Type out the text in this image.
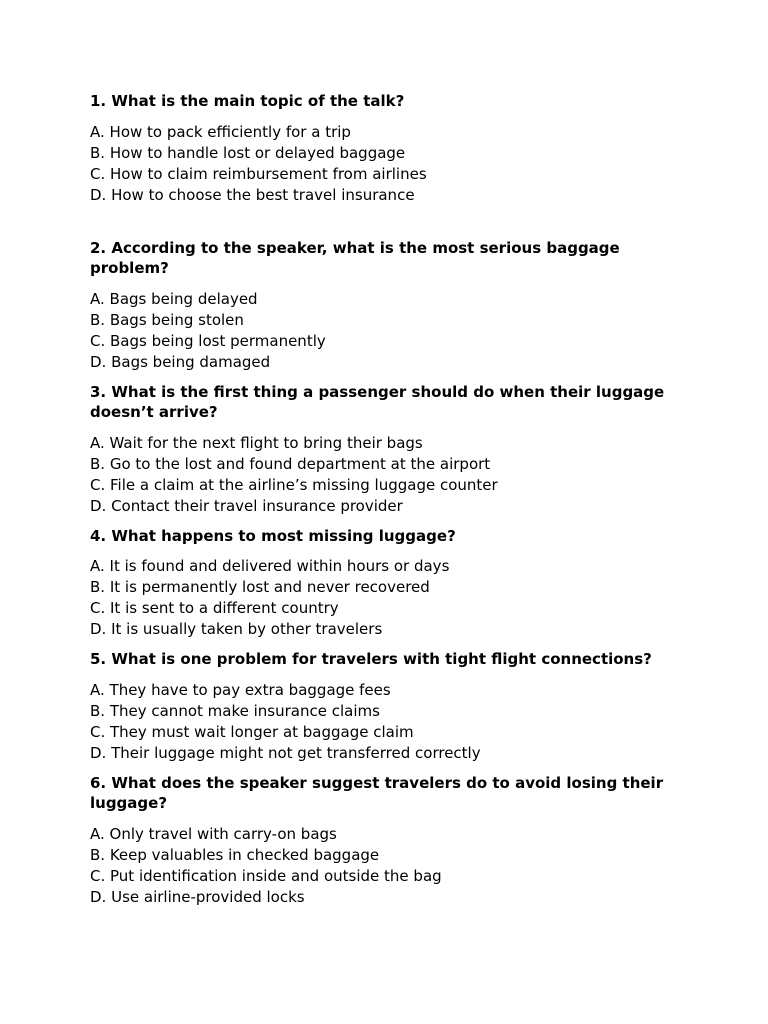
1. What is the main topic of the talk?
A. How to pack efficiently for a trip
B. How to handle lost or delayed baggage
C. How to claim reimbursement from airlines
D. How to choose the best travel insurance
2. According to the speaker, what is the most serious baggage problem?
A. Bags being delayed
B. Bags being stolen
C. Bags being lost permanently
D. Bags being damaged
3. What is the first thing a passenger should do when their luggage doesn’t arrive?
A. Wait for the next flight to bring their bags
B. Go to the lost and found department at the airport
C. File a claim at the airline’s missing luggage counter
D. Contact their travel insurance provider
4. What happens to most missing luggage?
A. It is found and delivered within hours or days
B. It is permanently lost and never recovered
C. It is sent to a different country
D. It is usually taken by other travelers
5. What is one problem for travelers with tight flight connections?
A. They have to pay extra baggage fees
B. They cannot make insurance claims
C. They must wait longer at baggage claim
D. Their luggage might not get transferred correctly
6. What does the speaker suggest travelers do to avoid losing their luggage?
A. Only travel with carry-on bags
B. Keep valuables in checked baggage
C. Put identification inside and outside the bag
D. Use airline-provided locks
